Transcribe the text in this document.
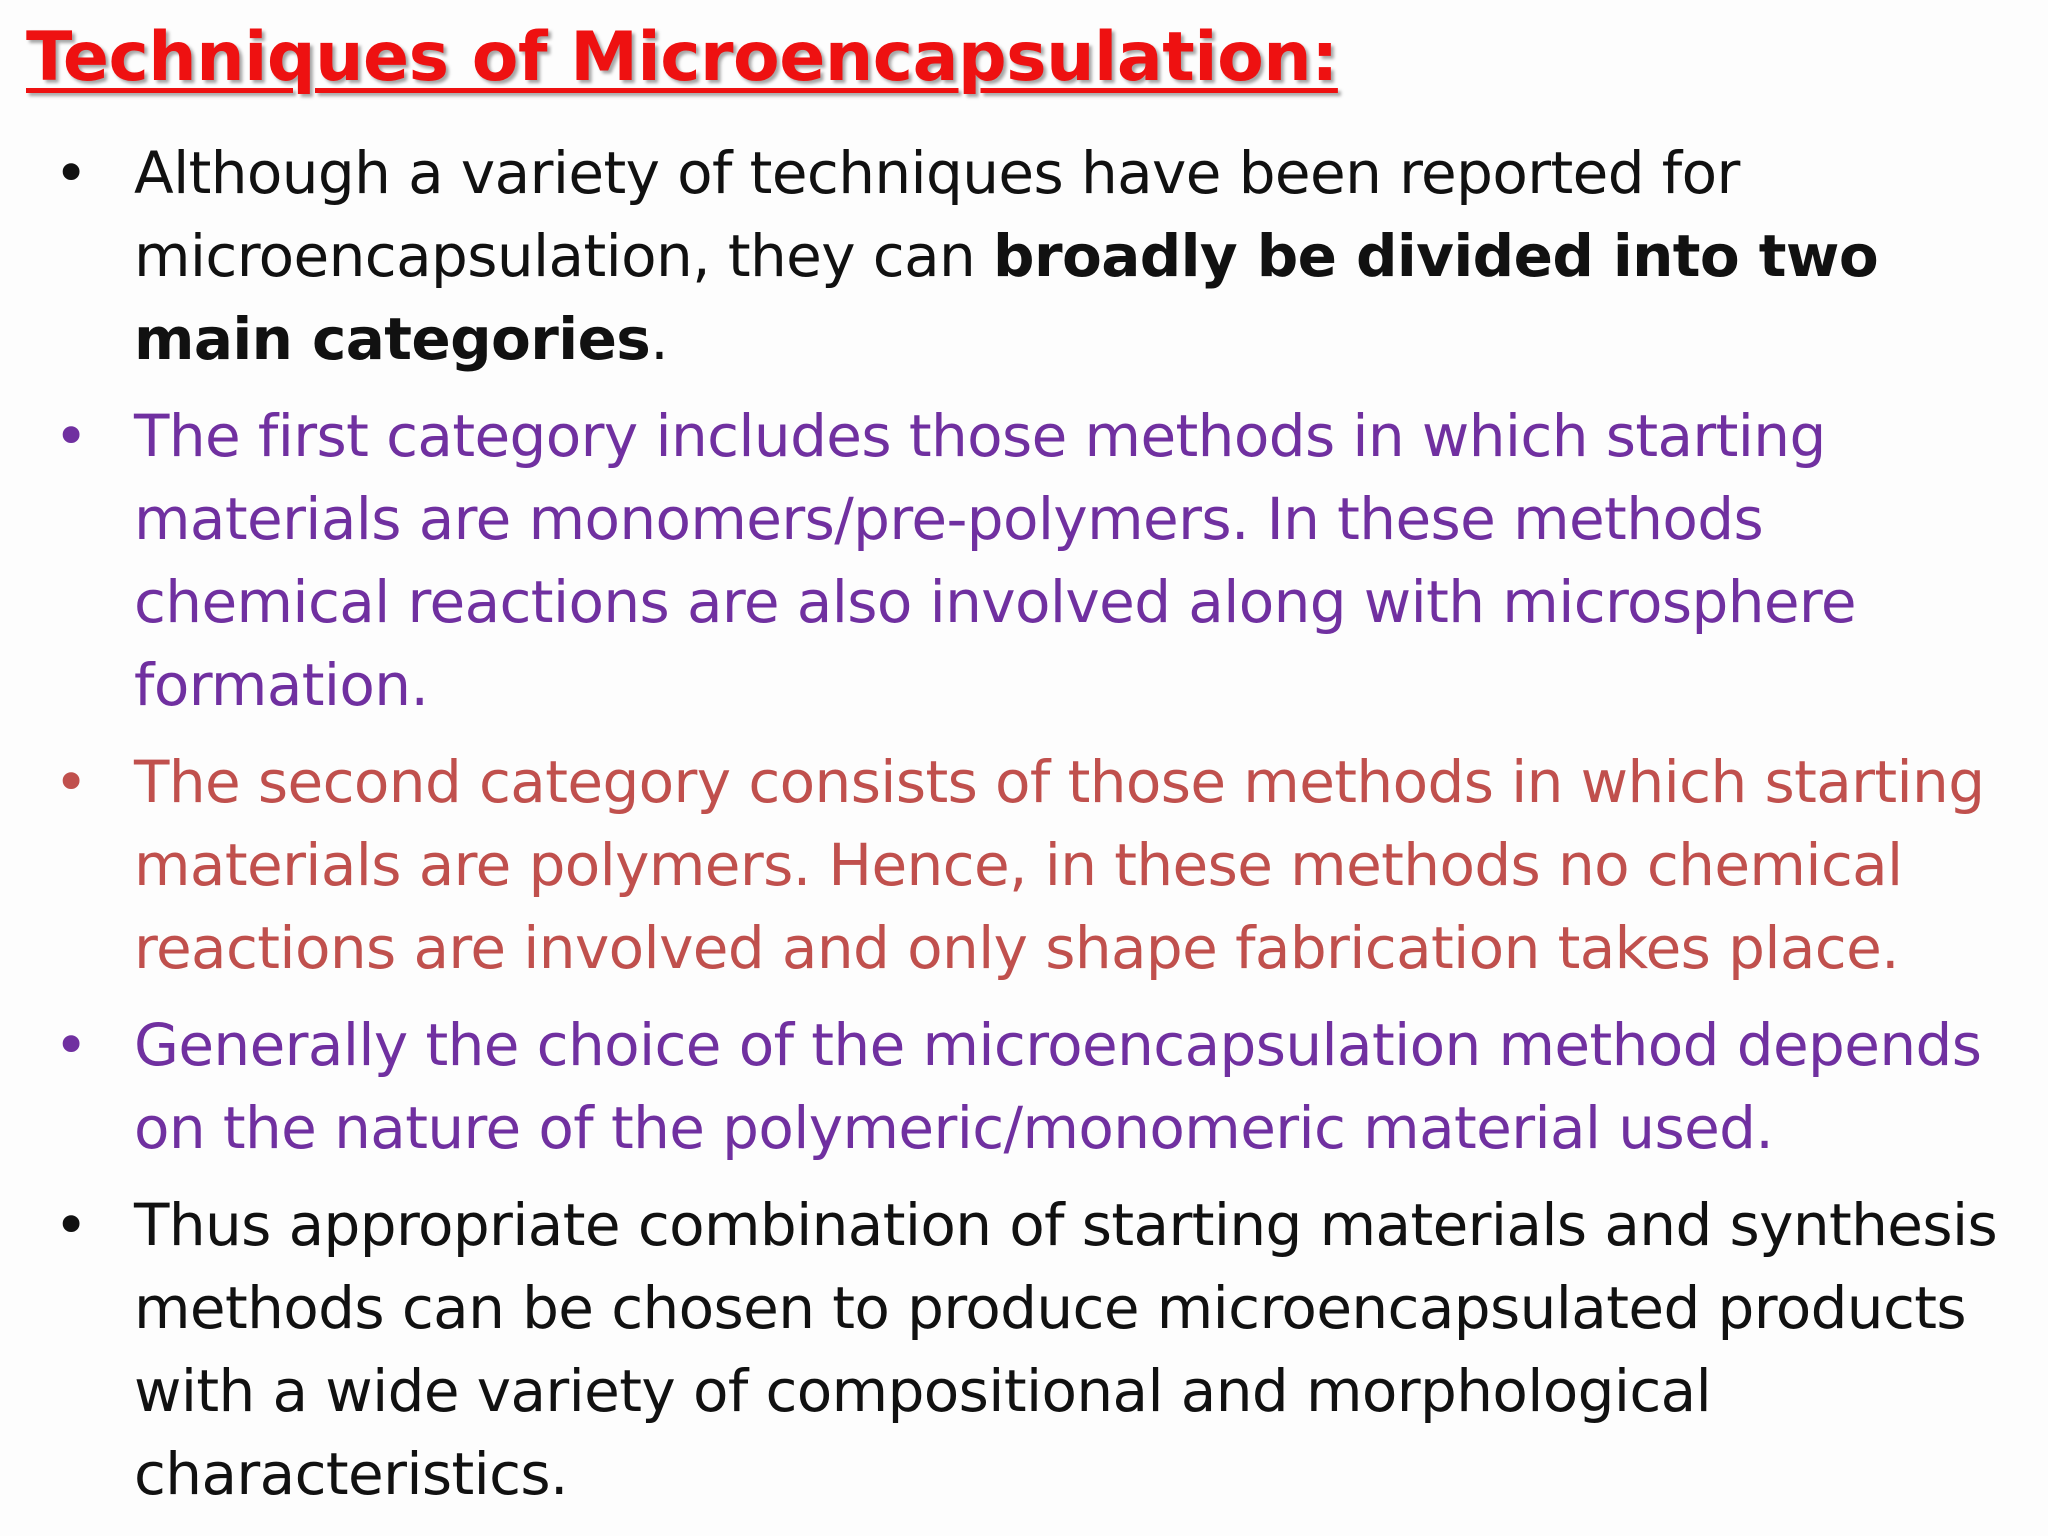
Techniques of Microencapsulation:
• Although a variety of techniques have been reported for microencapsulation, they can broadly be divided into two main categories.
• The first category includes those methods in which starting materials are monomers/pre-polymers. In these methods chemical reactions are also involved along with microsphere formation.
• The second category consists of those methods in which starting materials are polymers. Hence, in these methods no chemical reactions are involved and only shape fabrication takes place.
• Generally the choice of the microencapsulation method depends on the nature of the polymeric/monomeric material used.
• Thus appropriate combination of starting materials and synthesis methods can be chosen to produce microencapsulated products with a wide variety of compositional and morphological characteristics.
